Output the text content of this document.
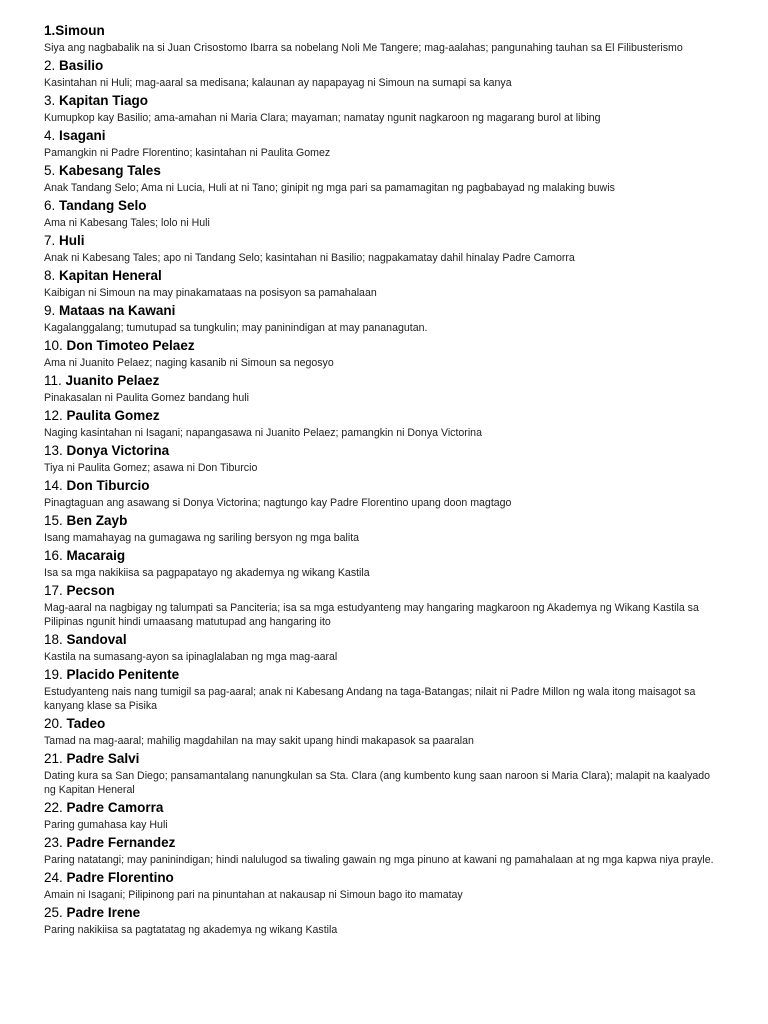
1.Simoun
Siya ang nagbabalik na si Juan Crisostomo Ibarra sa nobelang Noli Me Tangere; mag-aalahas; pangunahing tauhan sa El Filibusterismo
2. Basilio
Kasintahan ni Huli; mag-aaral sa medisana; kalaunan ay napapayag ni Simoun na sumapi sa kanya
3. Kapitan Tiago
Kumupkop kay Basilio; ama-amahan ni Maria Clara; mayaman; namatay ngunit nagkaroon ng magarang burol at libing
4. Isagani
Pamangkin ni Padre Florentino; kasintahan ni Paulita Gomez
5. Kabesang Tales
Anak Tandang Selo; Ama ni Lucia, Huli at ni Tano; ginipit ng mga pari sa pamamagitan ng pagbabayad ng malaking buwis
6. Tandang Selo
Ama ni Kabesang Tales; lolo ni Huli
7. Huli
Anak ni Kabesang Tales; apo ni Tandang Selo; kasintahan ni Basilio; nagpakamatay dahil hinalay Padre Camorra
8. Kapitan Heneral
Kaibigan ni Simoun na may pinakamataas na posisyon sa pamahalaan
9. Mataas na Kawani
Kagalanggalang; tumutupad sa tungkulin; may paninindigan at may pananagutan.
10. Don Timoteo Pelaez
Ama ni Juanito Pelaez; naging kasanib ni Simoun sa negosyo
11. Juanito Pelaez
Pinakasalan ni Paulita Gomez bandang huli
12. Paulita Gomez
Naging kasintahan ni Isagani; napangasawa ni Juanito Pelaez; pamangkin ni Donya Victorina
13. Donya Victorina
Tiya ni Paulita Gomez; asawa ni Don Tiburcio
14. Don Tiburcio
Pinagtaguan ang asawang si Donya Victorina; nagtungo kay Padre Florentino upang doon magtago
15. Ben Zayb
Isang mamahayag na gumagawa ng sariling bersyon ng mga balita
16. Macaraig
Isa sa mga nakikiisa sa pagpapatayo ng akademya ng wikang Kastila
17. Pecson
Mag-aaral na nagbigay ng talumpati sa Panciteria; isa sa mga estudyanteng may hangaring magkaroon ng Akademya ng Wikang Kastila sa Pilipinas ngunit hindi umaasang matutupad ang hangaring ito
18. Sandoval
Kastila na sumasang-ayon sa ipinaglalaban ng mga mag-aaral
19. Placido Penitente
Estudyanteng nais nang tumigil sa pag-aaral; anak ni Kabesang Andang na taga-Batangas; nilait ni Padre Millon ng wala itong maisagot sa kanyang klase sa Pisika
20. Tadeo
Tamad na mag-aaral; mahilig magdahilan na may sakit upang hindi makapasok sa paaralan
21. Padre Salvi
Dating kura sa San Diego; pansamantalang nanungkulan sa Sta. Clara (ang kumbento kung saan naroon si Maria Clara); malapit na kaalyado ng Kapitan Heneral
22. Padre Camorra
Paring gumahasa kay Huli
23. Padre Fernandez
Paring natatangi; may paninindigan; hindi nalulugod sa tiwaling gawain ng mga pinuno at kawani ng pamahalaan at ng mga kapwa niya prayle.
24. Padre Florentino
Amain ni Isagani; Pilipinong pari na pinuntahan at nakausap ni Simoun bago ito mamatay
25. Padre Irene
Paring nakikiisa sa pagtatatag ng akademya ng wikang Kastila
